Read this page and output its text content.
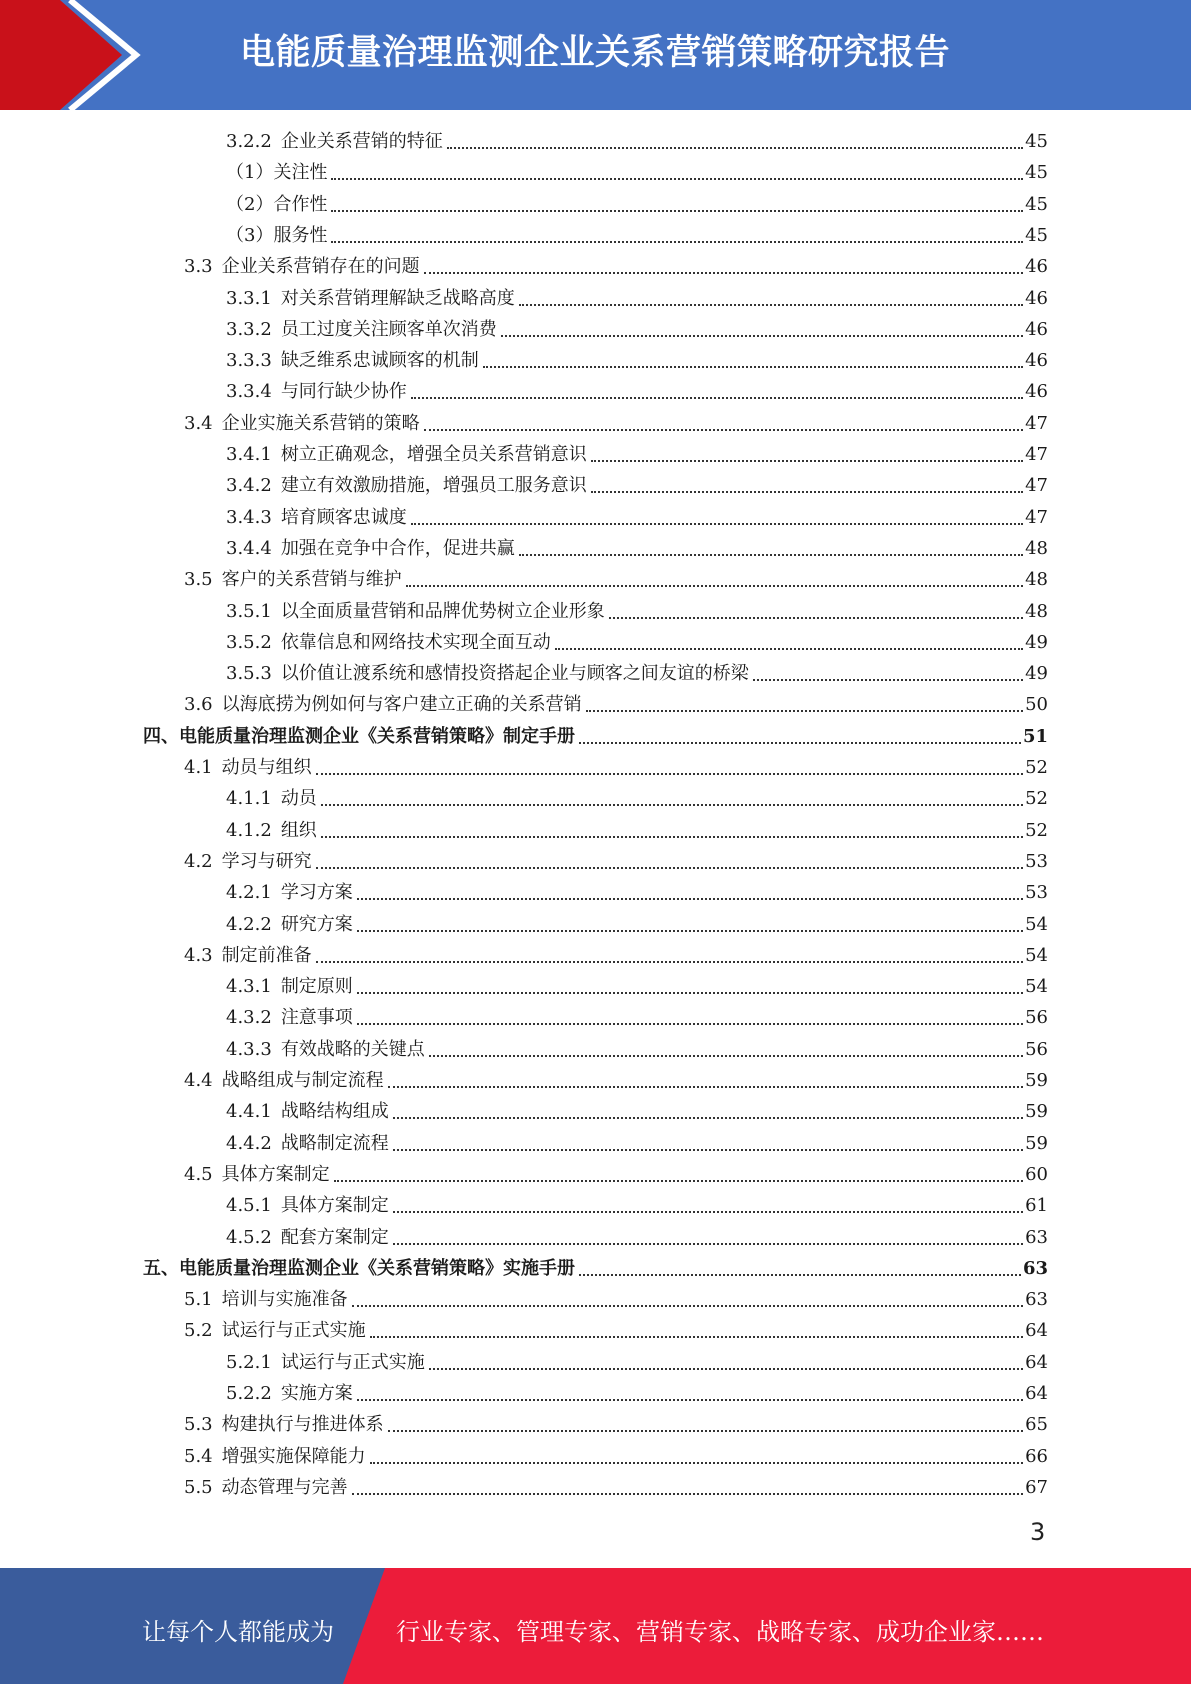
电能质量治理监测企业关系营销策略研究报告
3.2.2 企业关系营销的特征	45
（1）关注性	45
（2）合作性	45
（3）服务性	45
3.3 企业关系营销存在的问题	46
3.3.1 对关系营销理解缺乏战略高度	46
3.3.2 员工过度关注顾客单次消费	46
3.3.3 缺乏维系忠诚顾客的机制	46
3.3.4 与同行缺少协作	46
3.4 企业实施关系营销的策略	47
3.4.1 树立正确观念，增强全员关系营销意识	47
3.4.2 建立有效激励措施，增强员工服务意识	47
3.4.3 培育顾客忠诚度	47
3.4.4 加强在竞争中合作，促进共赢	48
3.5 客户的关系营销与维护	48
3.5.1 以全面质量营销和品牌优势树立企业形象	48
3.5.2 依靠信息和网络技术实现全面互动	49
3.5.3 以价值让渡系统和感情投资搭起企业与顾客之间友谊的桥梁	49
3.6 以海底捞为例如何与客户建立正确的关系营销	50
四、电能质量治理监测企业《关系营销策略》制定手册	51
4.1 动员与组织	52
4.1.1 动员	52
4.1.2 组织	52
4.2 学习与研究	53
4.2.1 学习方案	53
4.2.2 研究方案	54
4.3 制定前准备	54
4.3.1 制定原则	54
4.3.2 注意事项	56
4.3.3 有效战略的关键点	56
4.4 战略组成与制定流程	59
4.4.1 战略结构组成	59
4.4.2 战略制定流程	59
4.5 具体方案制定	60
4.5.1 具体方案制定	61
4.5.2 配套方案制定	63
五、电能质量治理监测企业《关系营销策略》实施手册	63
5.1 培训与实施准备	63
5.2 试运行与正式实施	64
5.2.1 试运行与正式实施	64
5.2.2 实施方案	64
5.3 构建执行与推进体系	65
5.4 增强实施保障能力	66
5.5 动态管理与完善	67
3
让每个人都能成为	行业专家、管理专家、营销专家、战略专家、成功企业家……
